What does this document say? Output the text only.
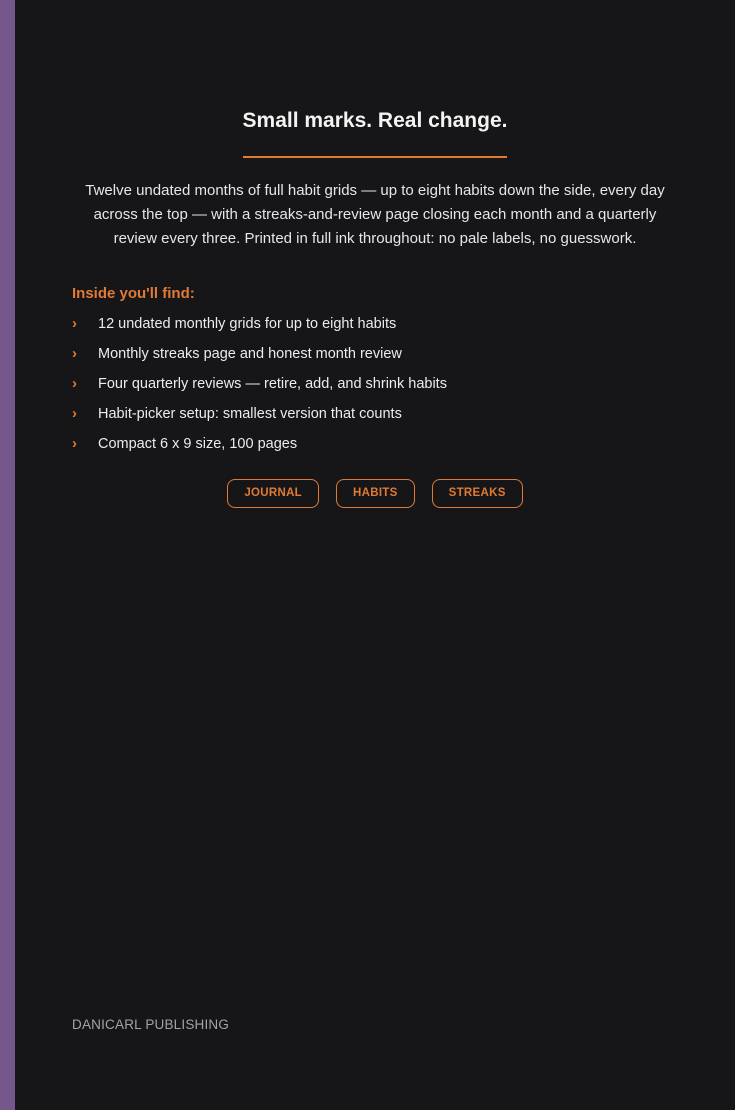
Small marks. Real change.

Twelve undated months of full habit grids — up to eight habits down the side, every day across the top — with a streaks-and-review page closing each month and a quarterly review every three. Printed in full ink throughout: no pale labels, no guesswork.

Inside you'll find:
› 12 undated monthly grids for up to eight habits
› Monthly streaks page and honest month review
› Four quarterly reviews — retire, add, and shrink habits
› Habit-picker setup: smallest version that counts
› Compact 6 x 9 size, 100 pages
JOURNAL	HABITS	STREAKS

DANICARL PUBLISHING
